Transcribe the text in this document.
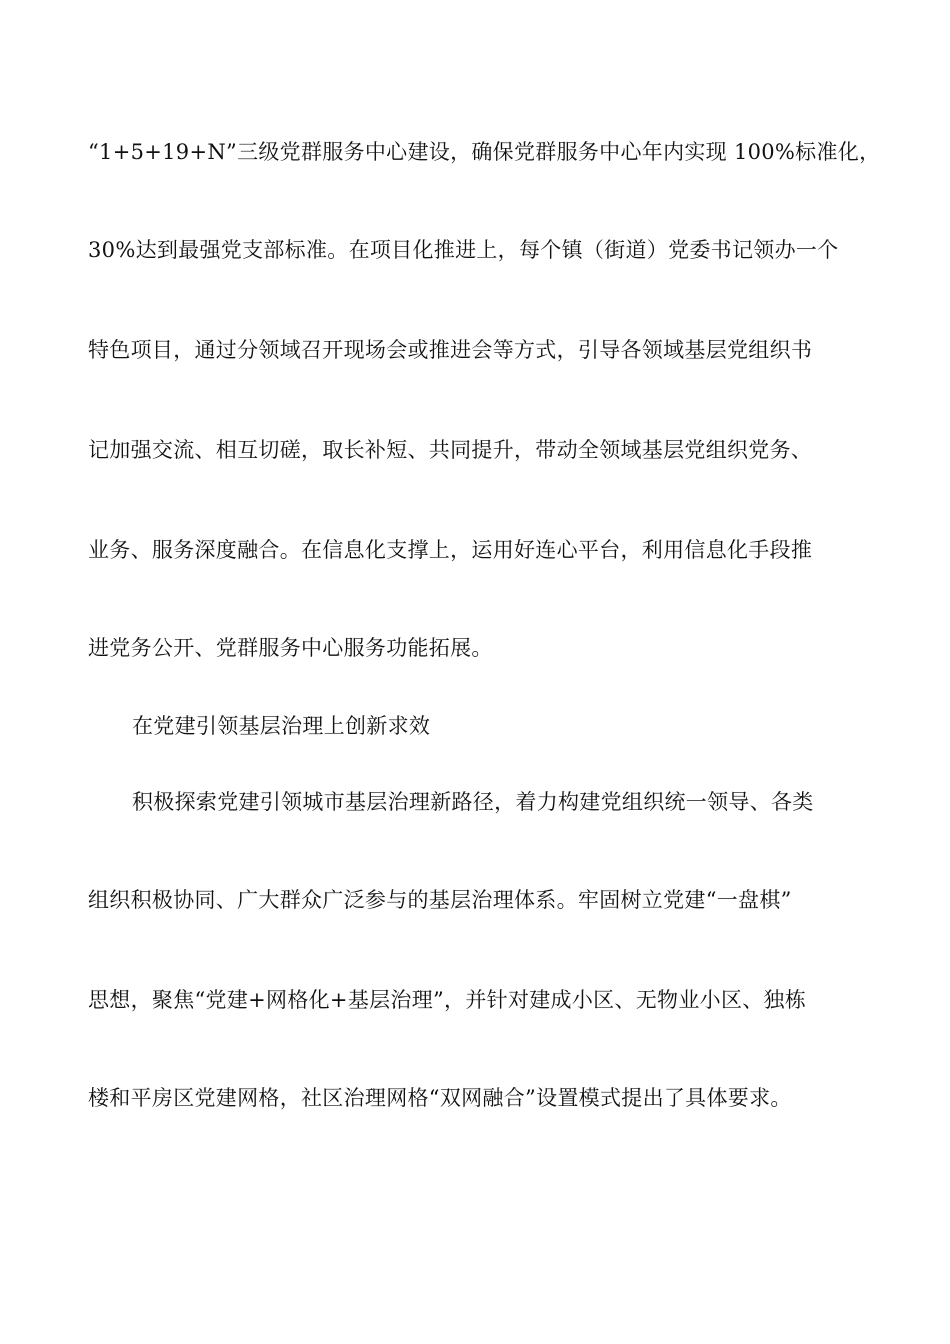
“1+5+19+N”三级党群服务中心建设，确保党群服务中心年内实现 100%标准化，
30%达到最强党支部标准。在项目化推进上，每个镇（街道）党委书记领办一个
特色项目，通过分领域召开现场会或推进会等方式，引导各领域基层党组织书
记加强交流、相互切磋，取长补短、共同提升，带动全领域基层党组织党务、
业务、服务深度融合。在信息化支撑上，运用好连心平台，利用信息化手段推
进党务公开、党群服务中心服务功能拓展。
在党建引领基层治理上创新求效
积极探索党建引领城市基层治理新路径，着力构建党组织统一领导、各类
组织积极协同、广大群众广泛参与的基层治理体系。牢固树立党建“一盘棋”
思想，聚焦“党建+网格化+基层治理”，并针对建成小区、无物业小区、独栋
楼和平房区党建网格，社区治理网格“双网融合”设置模式提出了具体要求。
